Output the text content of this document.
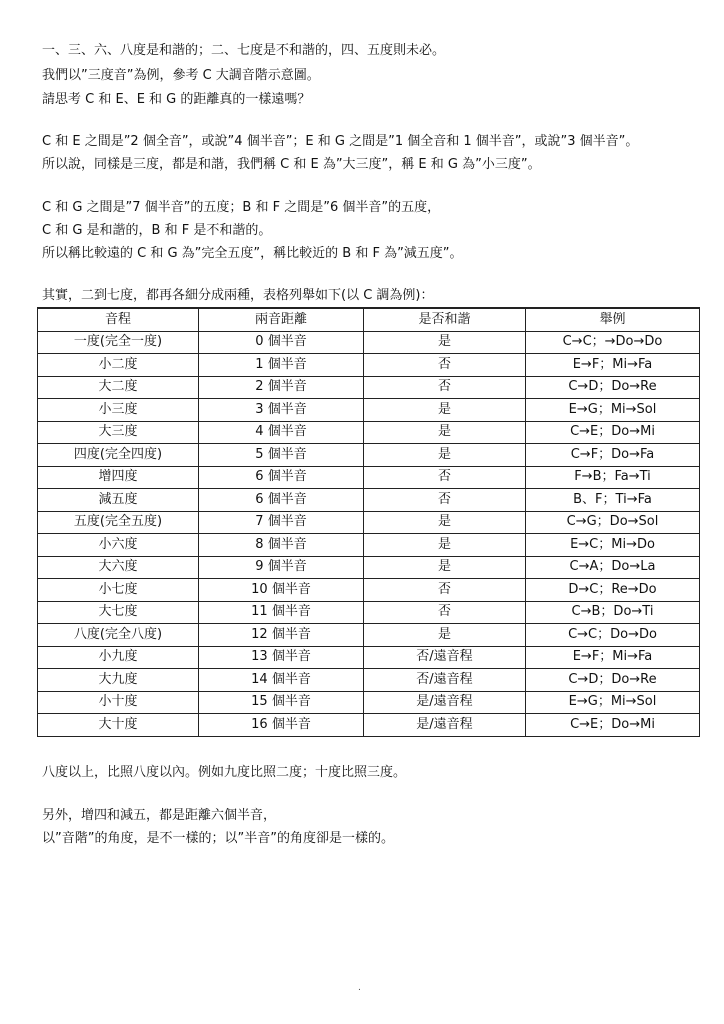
一、三、六、八度是和諧的；二、七度是不和諧的，四、五度則未必。
我們以”三度音”為例，參考 C 大調音階示意圖。
請思考 C 和 E、E 和 G 的距離真的一樣遠嗎？
C 和 E 之間是”2 個全音”，或說”4 個半音”；E 和 G 之間是”1 個全音和 1 個半音”，或說”3 個半音”。
所以說，同樣是三度，都是和諧，我們稱 C 和 E 為”大三度”，稱 E 和 G 為”小三度”。
C 和 G 之間是”7 個半音”的五度；B 和 F 之間是”6 個半音”的五度，
C 和 G 是和諧的，B 和 F 是不和諧的。
所以稱比較遠的 C 和 G 為”完全五度”，稱比較近的 B 和 F 為”減五度”。
其實，二到七度，都再各細分成兩種，表格列舉如下(以 C 調為例)：
音程	兩音距離	是否和諧	舉例
一度(完全一度)	0 個半音	是	C→C；→Do→Do
小二度	1 個半音	否	E→F；Mi→Fa
大二度	2 個半音	否	C→D；Do→Re
小三度	3 個半音	是	E→G；Mi→Sol
大三度	4 個半音	是	C→E；Do→Mi
四度(完全四度)	5 個半音	是	C→F；Do→Fa
增四度	6 個半音	否	F→B；Fa→Ti
減五度	6 個半音	否	B、F；Ti→Fa
五度(完全五度)	7 個半音	是	C→G；Do→Sol
小六度	8 個半音	是	E→C；Mi→Do
大六度	9 個半音	是	C→A；Do→La
小七度	10 個半音	否	D→C；Re→Do
大七度	11 個半音	否	C→B；Do→Ti
八度(完全八度)	12 個半音	是	C→C；Do→Do
小九度	13 個半音	否/遠音程	E→F；Mi→Fa
大九度	14 個半音	否/遠音程	C→D；Do→Re
小十度	15 個半音	是/遠音程	E→G；Mi→Sol
大十度	16 個半音	是/遠音程	C→E；Do→Mi
八度以上，比照八度以內。例如九度比照二度；十度比照三度。
另外，增四和減五，都是距離六個半音，
以”音階”的角度，是不一樣的；以”半音”的角度卻是一樣的。
.
